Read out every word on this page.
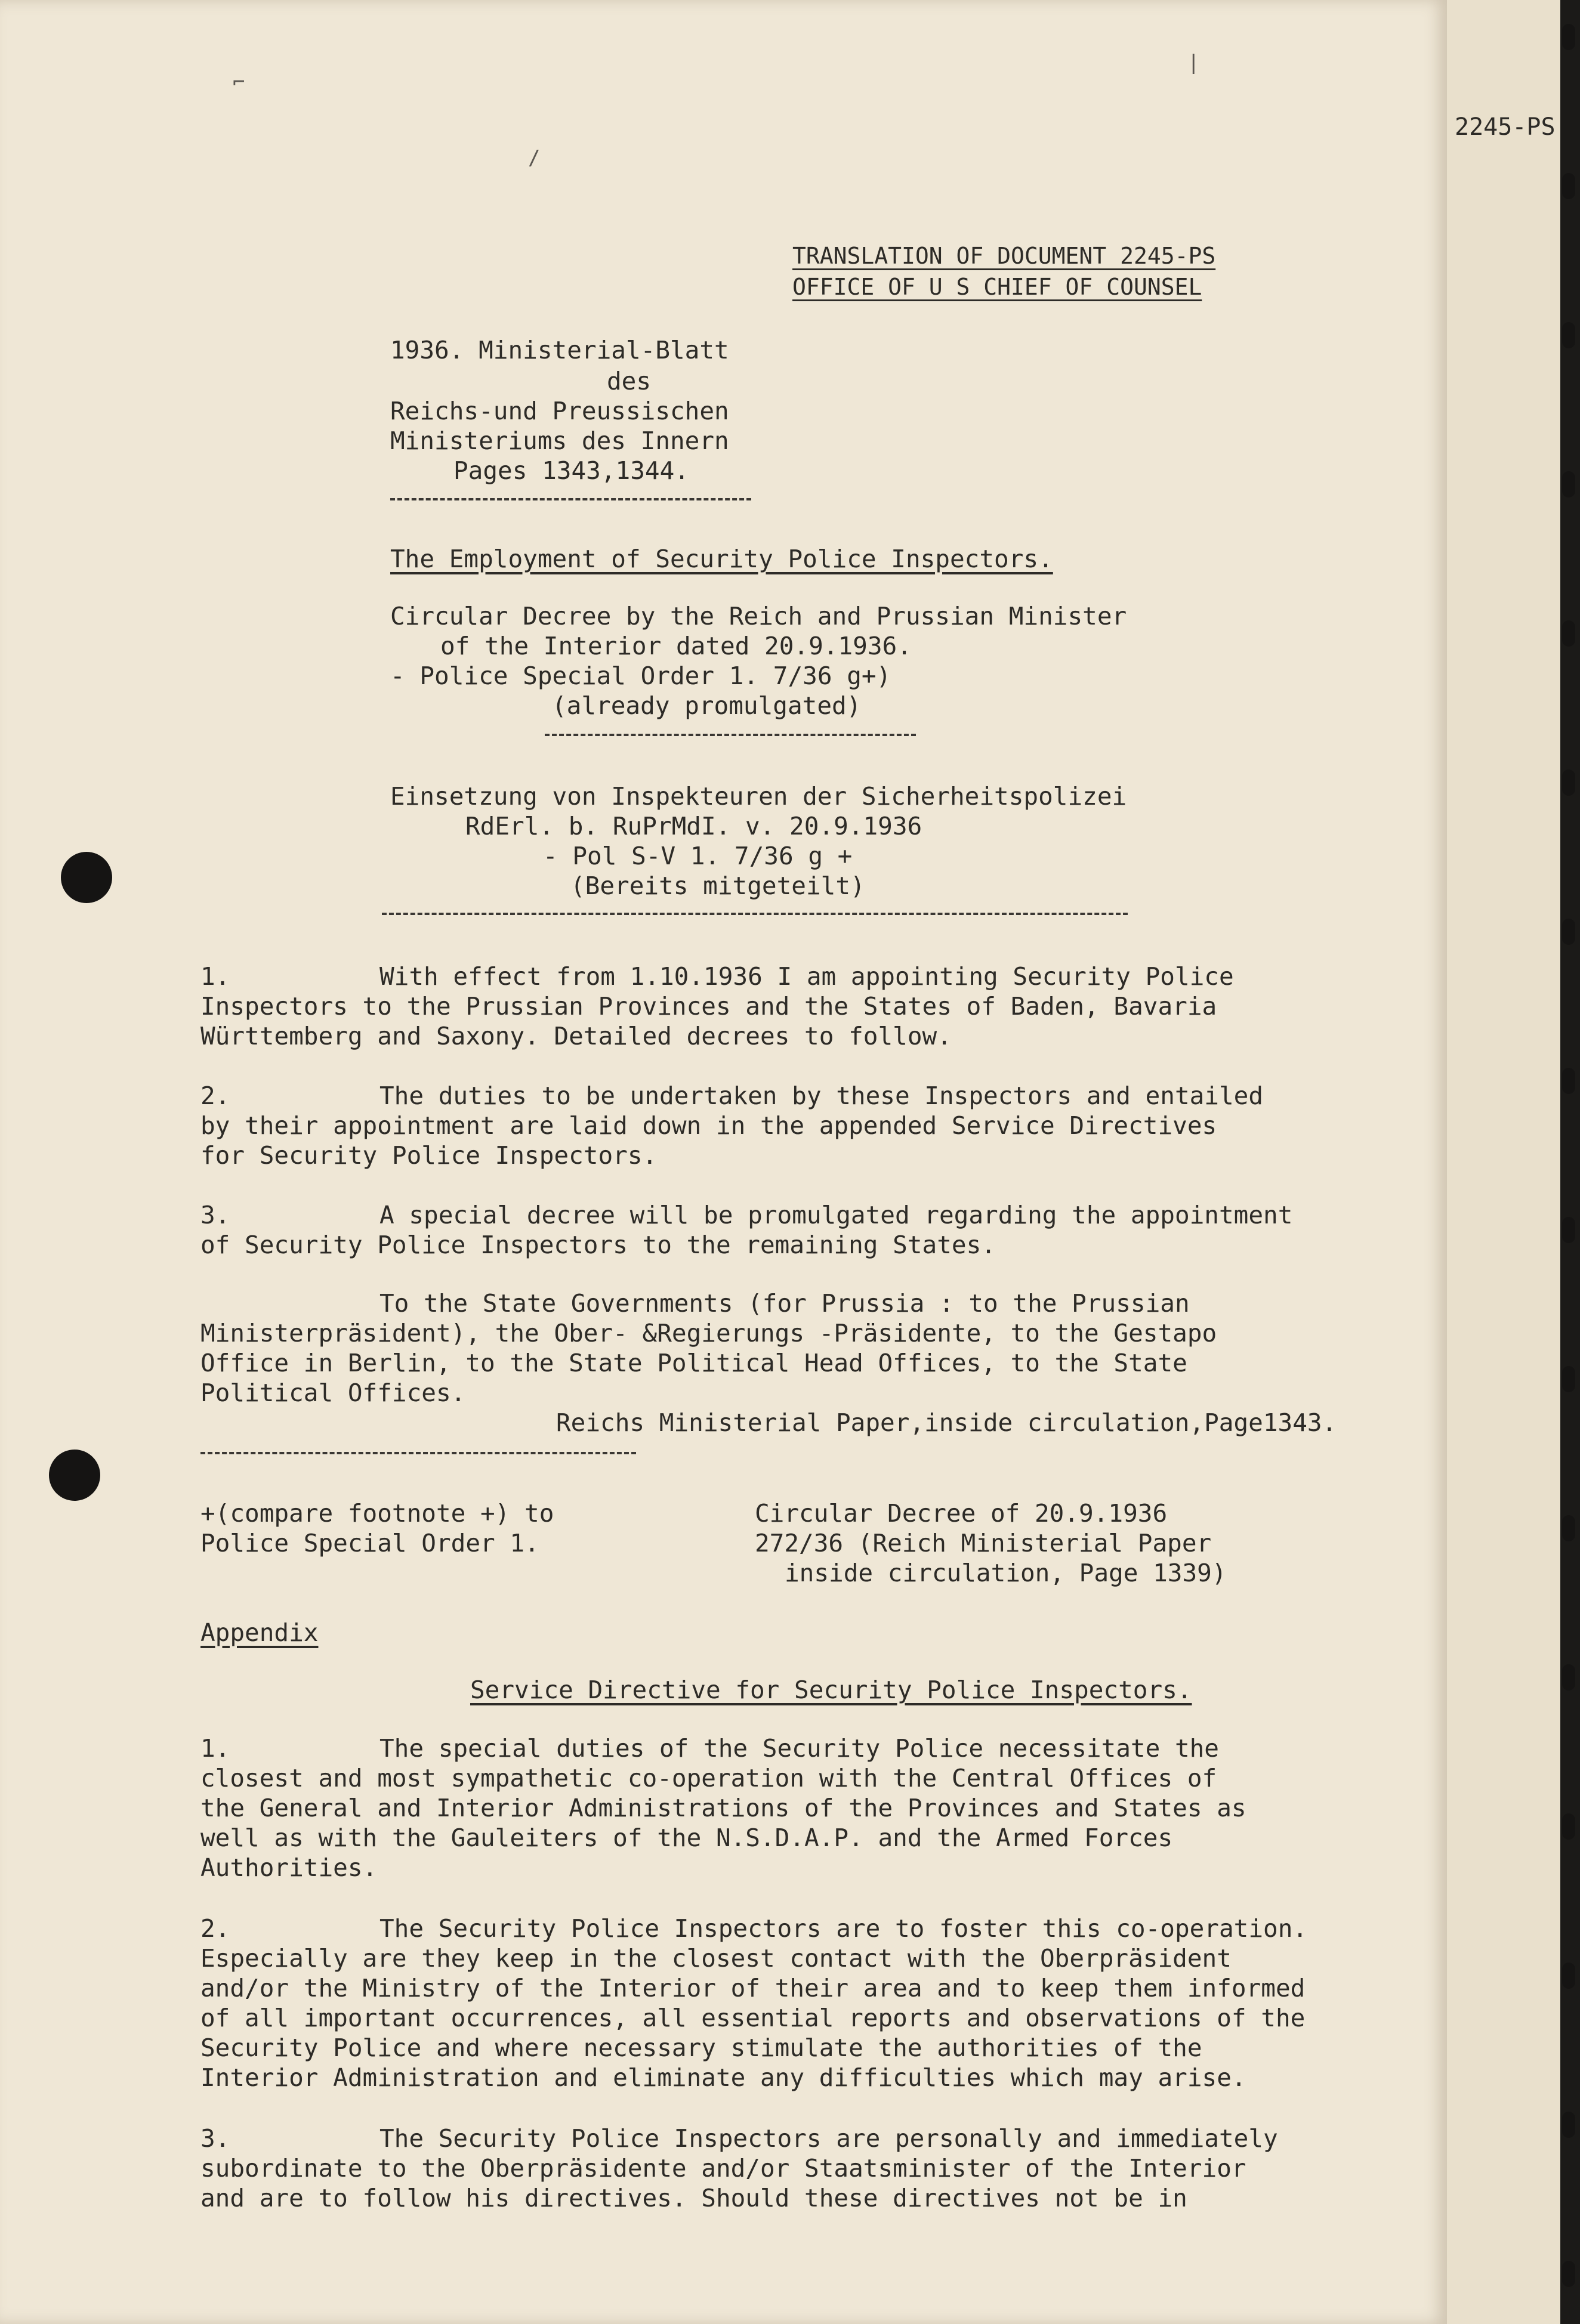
⌐
/
|

2245-PS

TRANSLATION OF DOCUMENT 2245-PS

OFFICE OF U S CHIEF OF COUNSEL

1936. Ministerial-Blatt

des

Reichs-und Preussischen

Ministeriums des Innern

Pages 1343,1344.

The Employment of Security Police Inspectors.

Circular Decree by the Reich and Prussian Minister

of the Interior dated 20.9.1936.

- Police Special Order 1. 7/36 g+)

(already promulgated)

Einsetzung von Inspekteuren der Sicherheitspolizei

RdErl. b. RuPrMdI. v. 20.9.1936

- Pol S-V 1. 7/36 g +

(Bereits mitgeteilt)

1.	With effect from 1.10.1936 I am appointing Security Police

Inspectors to the Prussian Provinces and the States of Baden, Bavaria

Württemberg and Saxony. Detailed decrees to follow.

2.	The duties to be undertaken by these Inspectors and entailed

by their appointment are laid down in the appended Service Directives

for Security Police Inspectors.

3.	A special decree will be promulgated regarding the appointment

of Security Police Inspectors to the remaining States.

To the State Governments (for Prussia : to the Prussian

Ministerpräsident), the Ober- &Regierungs -Präsidente, to the Gestapo

Office in Berlin, to the State Political Head Offices, to the State

Political Offices.

Reichs Ministerial Paper,inside circulation,Page1343.

+(compare footnote +) to

Police Special Order 1.

Circular Decree of 20.9.1936

272/36 (Reich Ministerial Paper

inside circulation, Page 1339)

Appendix

Service Directive for Security Police Inspectors.

1.	The special duties of the Security Police necessitate the

closest and most sympathetic co-operation with the Central Offices of

the General and Interior Administrations of the Provinces and States as

well as with the Gauleiters of the N.S.D.A.P. and the Armed Forces

Authorities.

2.	The Security Police Inspectors are to foster this co-operation.

Especially are they keep in the closest contact with the Oberpräsident

and/or the Ministry of the Interior of their area and to keep them informed

of all important occurrences, all essential reports and observations of the

Security Police and where necessary stimulate the authorities of the

Interior Administration and eliminate any difficulties which may arise.

3.	The Security Police Inspectors are personally and immediately

subordinate to the Oberpräsidente and/or Staatsminister of the Interior

and are to follow his directives. Should these directives not be in
